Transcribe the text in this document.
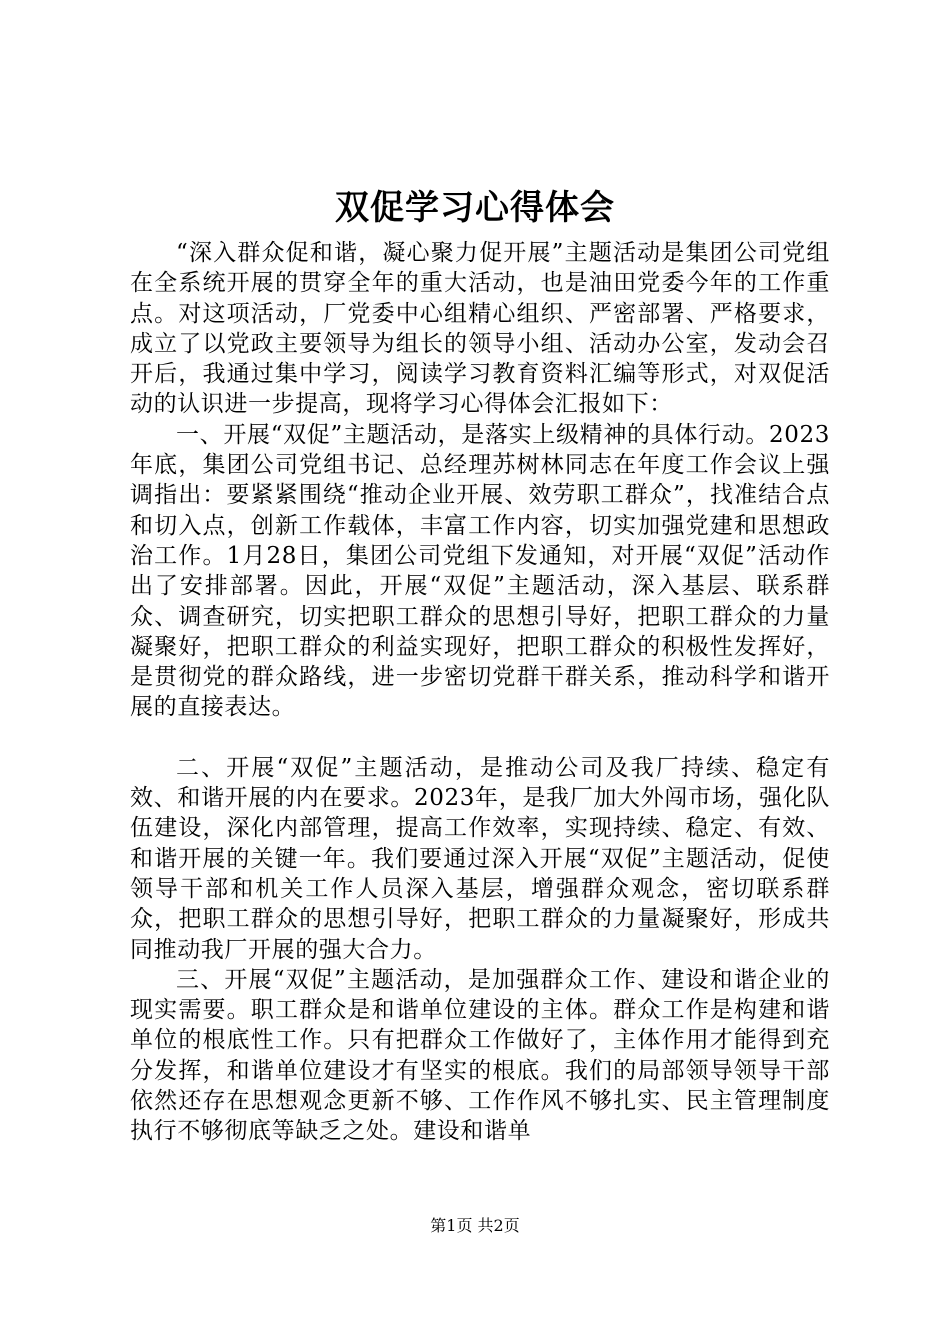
双促学习心得体会

“深入群众促和谐，凝心聚力促开展”主题活动是集团公司党组在全系统开展的贯穿全年的重大活动，也是油田党委今年的工作重点。对这项活动，厂党委中心组精心组织、严密部署、严格要求，成立了以党政主要领导为组长的领导小组、活动办公室，发动会召开后，我通过集中学习，阅读学习教育资料汇编等形式，对双促活动的认识进一步提高，现将学习心得体会汇报如下：

一、开展“双促”主题活动，是落实上级精神的具体行动。2023年底，集团公司党组书记、总经理苏树林同志在年度工作会议上强调指出：要紧紧围绕“推动企业开展、效劳职工群众”，找准结合点和切入点，创新工作载体，丰富工作内容，切实加强党建和思想政治工作。1月28日，集团公司党组下发通知，对开展“双促”活动作出了安排部署。因此，开展“双促”主题活动，深入基层、联系群众、调查研究，切实把职工群众的思想引导好，把职工群众的力量凝聚好，把职工群众的利益实现好，把职工群众的积极性发挥好，是贯彻党的群众路线，进一步密切党群干群关系，推动科学和谐开展的直接表达。

二、开展“双促”主题活动，是推动公司及我厂持续、稳定有效、和谐开展的内在要求。2023年，是我厂加大外闯市场，强化队伍建设，深化内部管理，提高工作效率，实现持续、稳定、有效、和谐开展的关键一年。我们要通过深入开展“双促”主题活动，促使领导干部和机关工作人员深入基层，增强群众观念，密切联系群众，把职工群众的思想引导好，把职工群众的力量凝聚好，形成共同推动我厂开展的强大合力。

三、开展“双促”主题活动，是加强群众工作、建设和谐企业的现实需要。职工群众是和谐单位建设的主体。群众工作是构建和谐单位的根底性工作。只有把群众工作做好了，主体作用才能得到充分发挥，和谐单位建设才有坚实的根底。我们的局部领导领导干部依然还存在思想观念更新不够、工作作风不够扎实、民主管理制度执行不够彻底等缺乏之处。建设和谐单

第1页 共2页
